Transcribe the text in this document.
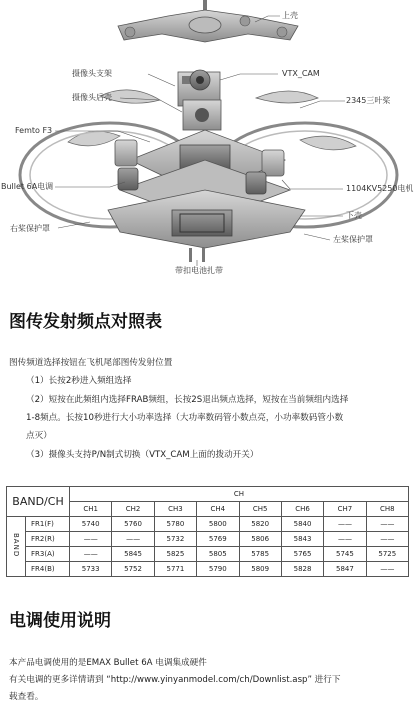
上壳
摄像头支架	VTX_CAM
摄像头后壳	2345三叶桨
Femto F3
Bullet 6A电调	1104KV5250电机
下壳
右桨保护罩
左桨保护罩
带扣电池扎带
图传发射频点对照表

图传频道选择按钮在飞机尾部图传发射位置

（1）长按2秒进入频组选择

（2）短按在此频组内选择FRAB频组，长按2S退出频点选择，短按在当前频组内选择

1-8频点。长按10秒进行大小功率选择（大功率数码管小数点亮，小功率数码管小数

点灭）

（3）摄像头支持P/N制式切换（VTX_CAM上面的拨动开关）

BAND/CH		CH							
		CH1	CH2	CH3	CH4	CH5	CH6	CH7	CH8
BAND	FR1(F)	5740	5760	5780	5800	5820	5840	——	——
	FR2(R)	——	——	5732	5769	5806	5843	——	——
	FR3(A)	——	5845	5825	5805	5785	5765	5745	5725
	FR4(B)	5733	5752	5771	5790	5809	5828	5847	——
电调使用说明

本产品电调使用的是EMAX Bullet 6A 电调集成硬件

有关电调的更多详情请到 “http://www.yinyanmodel.com/ch/Downlist.asp” 进行下

载查看。
